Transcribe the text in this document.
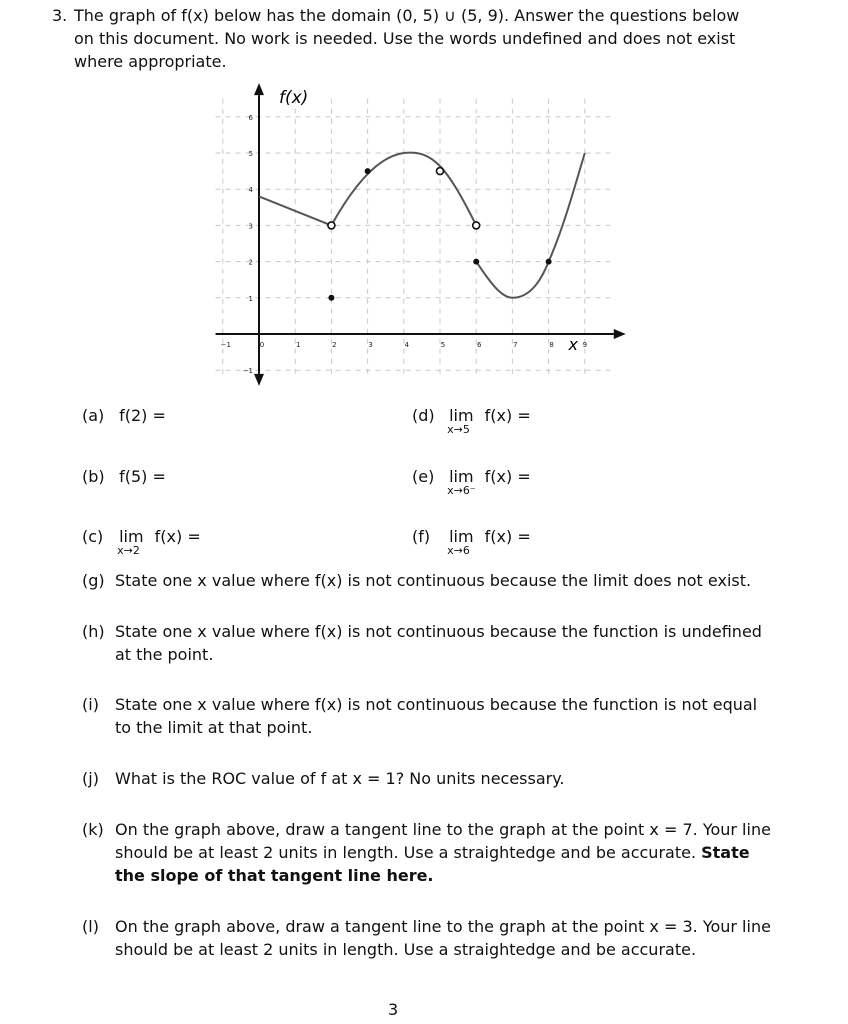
3. The graph of f(x) below has the domain (0, 5) ∪ (5, 9). Answer the questions below on this document. No work is needed. Use the words undefined and does not exist where appropriate.
−1	0	1	2	3	4	5	6	7	8	9
−1
1
2
3
4
5
6
f(x)
x
(a) f(2) =	(d) lim
x→5
f(x) =
(b) f(5) =	(e) lim
x→6⁻
f(x) =
(c) lim
x→2
f(x) =	(f) lim
x→6
f(x) =
(g) State one x value where f(x) is not continuous because the limit does not exist.
(h) State one x value where f(x) is not continuous because the function is undefined at the point.
(i) State one x value where f(x) is not continuous because the function is not equal to the limit at that point.
(j) What is the ROC value of f at x = 1? No units necessary.
(k) On the graph above, draw a tangent line to the graph at the point x = 7. Your line should be at least 2 units in length. Use a straightedge and be accurate. State the slope of that tangent line here.
(l) On the graph above, draw a tangent line to the graph at the point x = 3. Your line should be at least 2 units in length. Use a straightedge and be accurate.
3
